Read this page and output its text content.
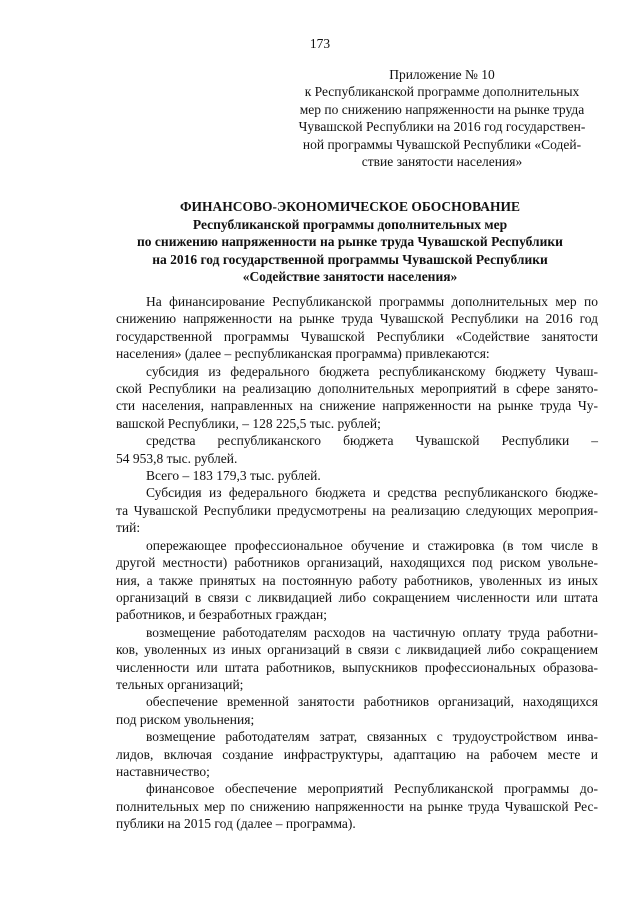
173
Приложение № 10
к Республиканской программе дополнительных
мер по снижению напряженности на рынке труда
Чувашской Республики на 2016 год государствен-
ной программы Чувашской Республики «Содей-
ствие занятости населения»
ФИНАНСОВО-ЭКОНОМИЧЕСКОЕ ОБОСНОВАНИЕ
Республиканской программы дополнительных мер
по снижению напряженности на рынке труда Чувашской Республики
на 2016 год государственной программы Чувашской Республики
«Содействие занятости населения»

На финансирование Республиканской программы дополнительных мер по
снижению напряженности на рынке труда Чувашской Республики на 2016 год
государственной программы Чувашской Республики «Содействие занятости
населения» (далее – республиканская программа) привлекаются:

субсидия из федерального бюджета республиканскому бюджету Чуваш-
ской Республики на реализацию дополнительных мероприятий в сфере занято-
сти населения, направленных на снижение напряженности на рынке труда Чу-
вашской Республики, – 128 225,5 тыс. рублей;

средства республиканского бюджета Чувашской Республики –
54 953,8 тыс. рублей.

Всего – 183 179,3 тыс. рублей.

Субсидия из федерального бюджета и средства республиканского бюдже-
та Чувашской Республики предусмотрены на реализацию следующих мероприя-
тий:

опережающее профессиональное обучение и стажировка (в том числе в
другой местности) работников организаций, находящихся под риском увольне-
ния, а также принятых на постоянную работу работников, уволенных из иных
организаций в связи с ликвидацией либо сокращением численности или штата
работников, и безработных граждан;

возмещение работодателям расходов на частичную оплату труда работни-
ков, уволенных из иных организаций в связи с ликвидацией либо сокращением
численности или штата работников, выпускников профессиональных образова-
тельных организаций;

обеспечение временной занятости работников организаций, находящихся
под риском увольнения;

возмещение работодателям затрат, связанных с трудоустройством инва-
лидов, включая создание инфраструктуры, адаптацию на рабочем месте и
наставничество;

финансовое обеспечение мероприятий Республиканской программы до-
полнительных мер по снижению напряженности на рынке труда Чувашской Рес-
публики на 2015 год (далее – программа).
